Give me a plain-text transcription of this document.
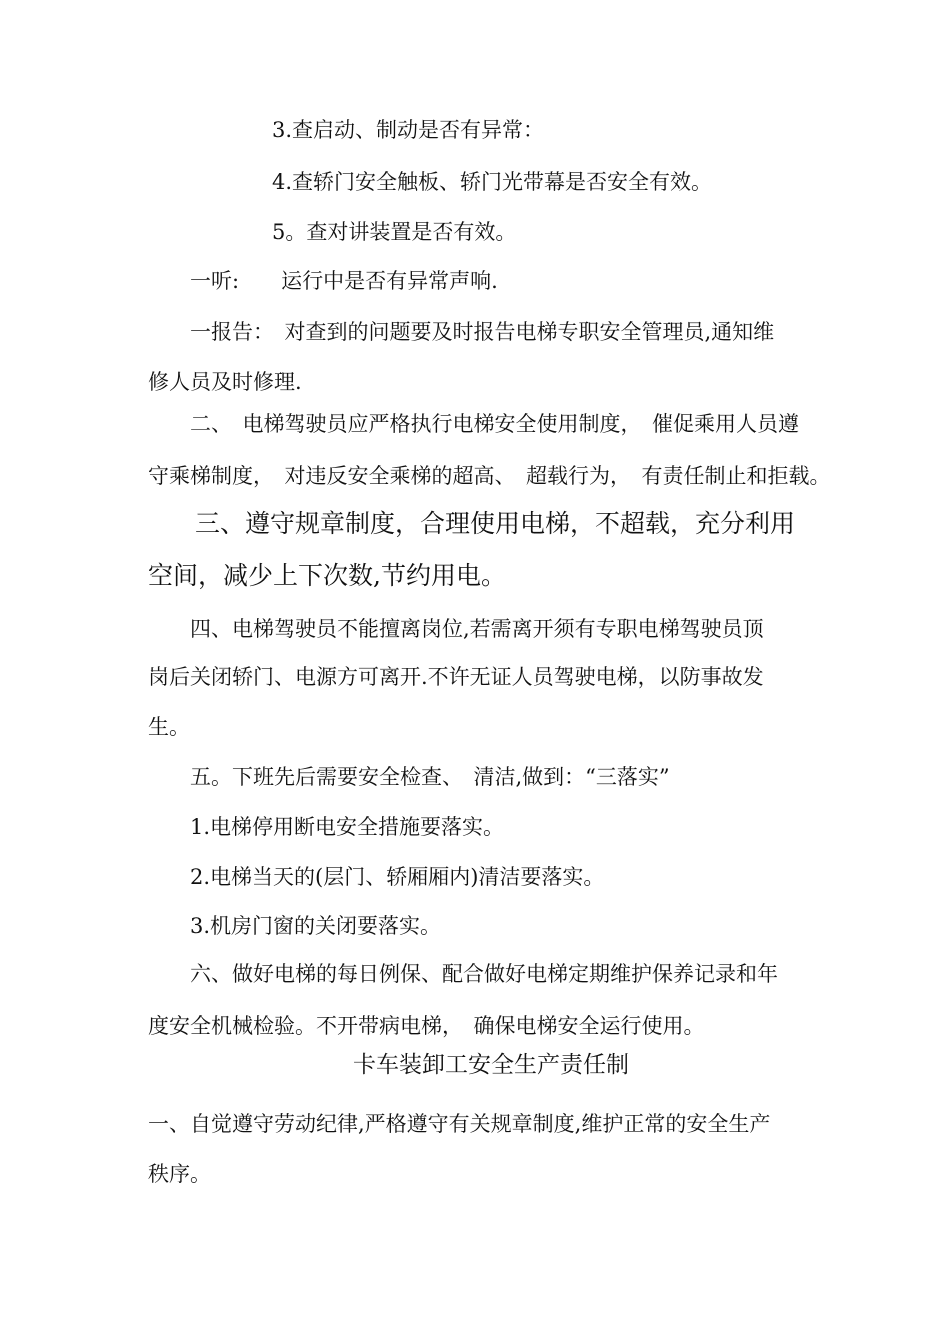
3.查启动、制动是否有异常：
4.查轿门安全触板、轿门光带幕是否安全有效。
5。查对讲装置是否有效。
一听:　　运行中是否有异常声响.
一报告：　对查到的问题要及时报告电梯专职安全管理员,通知维
修人员及时修理.
二、　电梯驾驶员应严格执行电梯安全使用制度，　催促乘用人员遵
守乘梯制度，　对违反安全乘梯的超高、　超载行为，　有责任制止和拒载。
三、遵守规章制度，合理使用电梯，不超载，充分利用
空间，减少上下次数,节约用电。
四、电梯驾驶员不能擅离岗位,若需离开须有专职电梯驾驶员顶
岗后关闭轿门、电源方可离开.不许无证人员驾驶电梯，以防事故发
生。
五。下班先后需要安全检查、　清洁,做到：“三落实”
1.电梯停用断电安全措施要落实。
2.电梯当天的(层门、轿厢厢内)清洁要落实。
3.机房门窗的关闭要落实。
六、做好电梯的每日例保、配合做好电梯定期维护保养记录和年
度安全机械检验。不开带病电梯，　确保电梯安全运行使用。
卡车装卸工安全生产责任制
一、自觉遵守劳动纪律,严格遵守有关规章制度,维护正常的安全生产
秩序。
